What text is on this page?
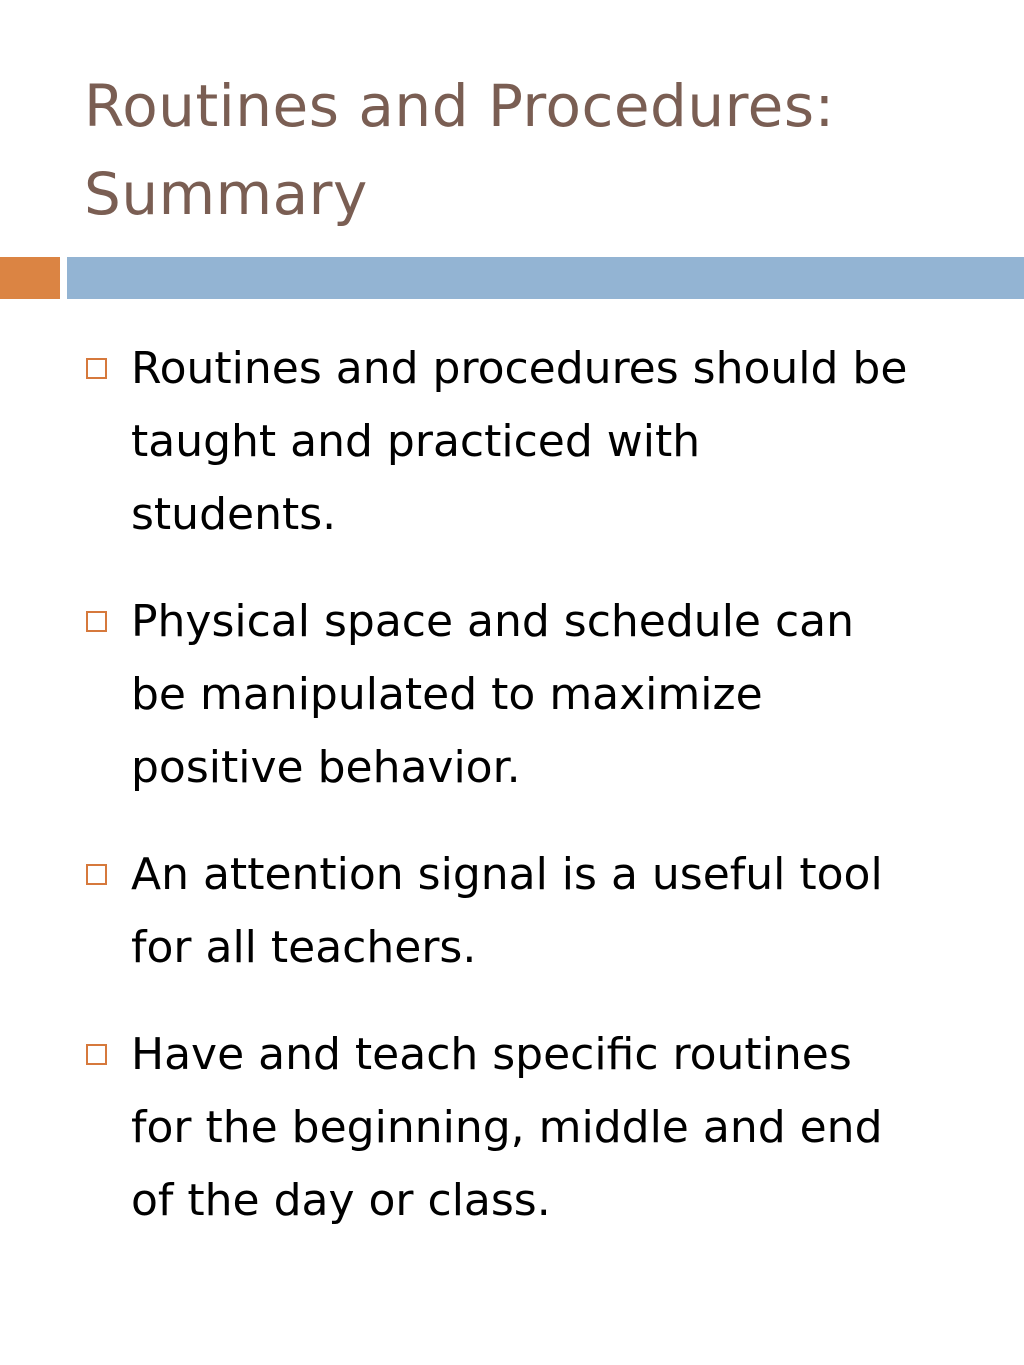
Routines and Procedures:
Summary
Routines and procedures should be
taught and practiced with
students.
Physical space and schedule can
be manipulated to maximize
positive behavior.
An attention signal is a useful tool
for all teachers.
Have and teach specific routines
for the beginning, middle and end
of the day or class.
